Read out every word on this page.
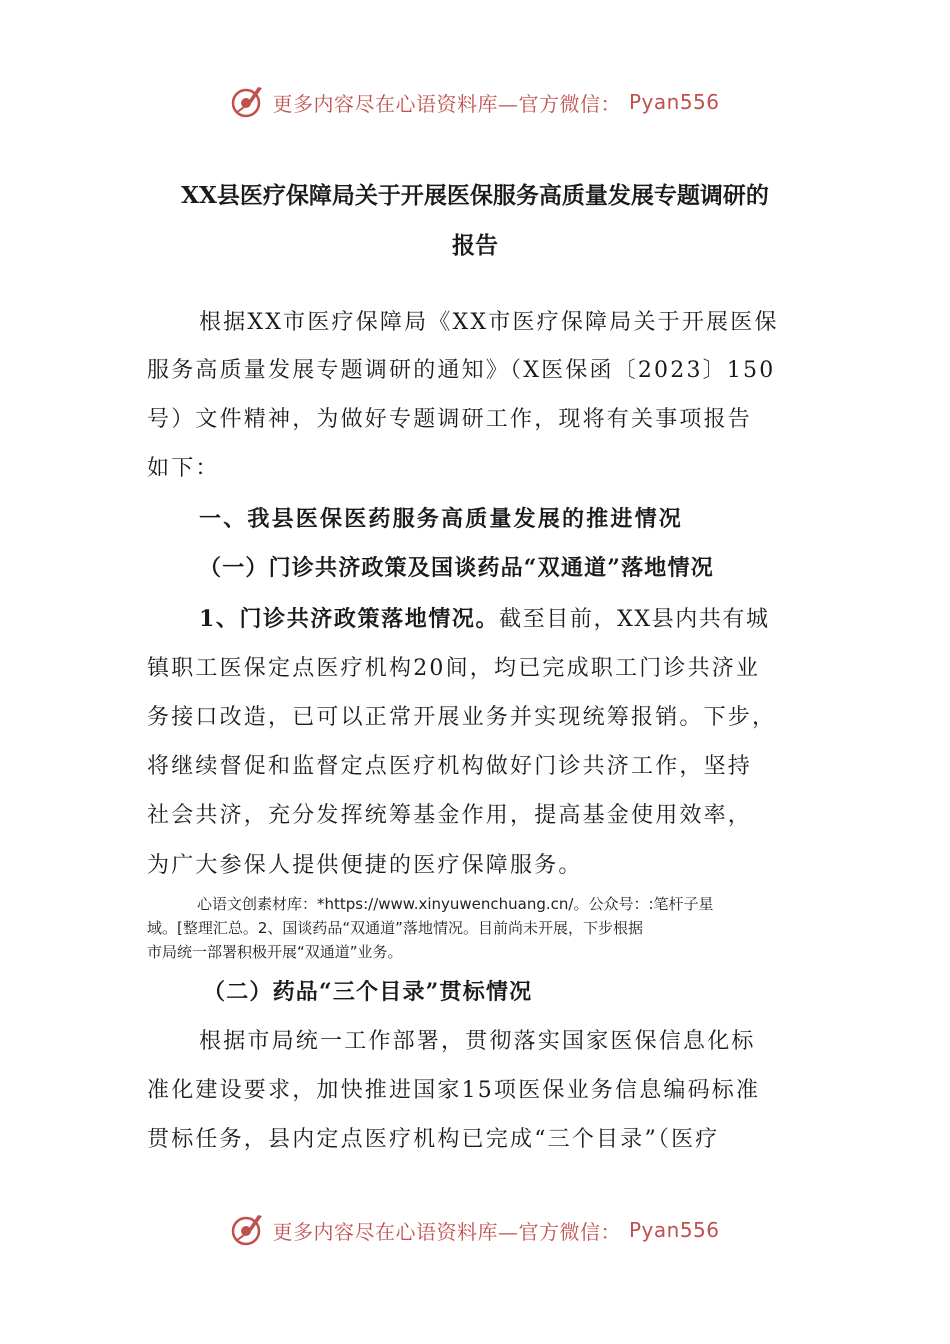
更多内容尽在心语资料库—官方微信： Pyan556
XX县医疗保障局关于开展医保服务高质量发展专题调研的
报告
根据XX市医疗保障局《XX市医疗保障局关于开展医保
服务高质量发展专题调研的通知》（X医保函〔2023〕150
号）文件精神，为做好专题调研工作，现将有关事项报告
如下：
一、我县医保医药服务高质量发展的推进情况
（一）门诊共济政策及国谈药品“双通道”落地情况
1、门诊共济政策落地情况。截至目前，XX县内共有城
镇职工医保定点医疗机构20间，均已完成职工门诊共济业
务接口改造，已可以正常开展业务并实现统筹报销。下步，
将继续督促和监督定点医疗机构做好门诊共济工作，坚持
社会共济，充分发挥统筹基金作用，提高基金使用效率，
为广大参保人提供便捷的医疗保障服务。
心语文创素材库：*https://www.xinyuwenchuang.cn/。公众号：:笔杆子星
域。[整理汇总。2、国谈药品“双通道”落地情况。目前尚未开展，下步根据
市局统一部署积极开展“双通道”业务。
（二）药品“三个目录”贯标情况
根据市局统一工作部署，贯彻落实国家医保信息化标
准化建设要求，加快推进国家15项医保业务信息编码标准
贯标任务，县内定点医疗机构已完成“三个目录”（医疗
更多内容尽在心语资料库—官方微信： Pyan556
